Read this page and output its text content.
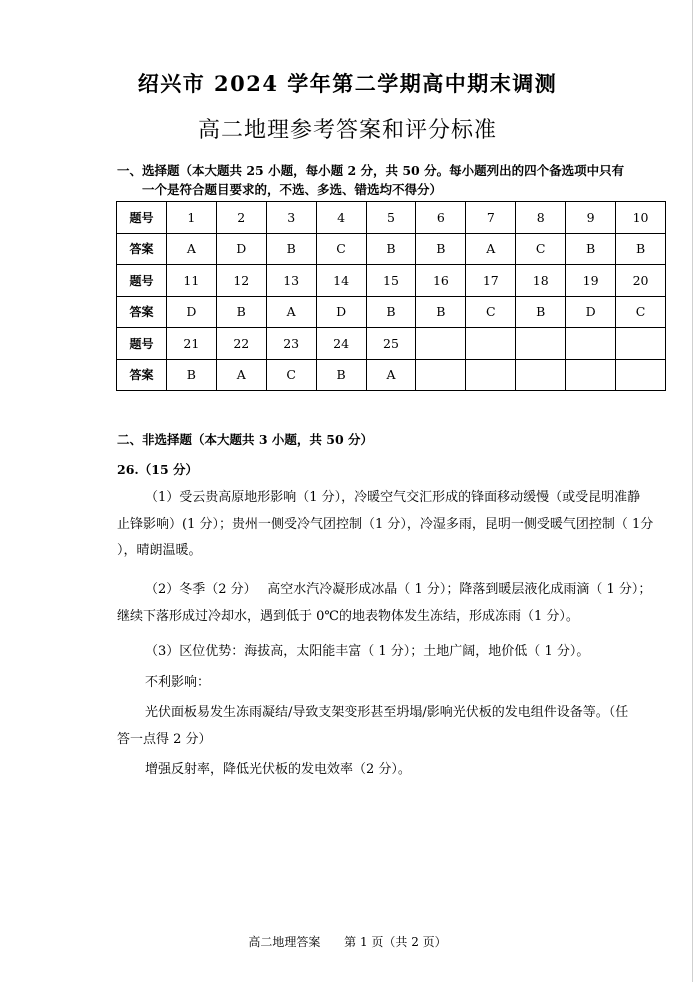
绍兴市 2024 学年第二学期高中期末调测
高二地理参考答案和评分标准
一、选择题（本大题共 25 小题，每小题 2 分，共 50 分。每小题列出的四个备选项中只有
一个是符合题目要求的，不选、多选、错选均不得分）
题号	1	2	3	4	5	6	7	8	9	10
答案	A	D	B	C	B	B	A	C	B	B
题号	11	12	13	14	15	16	17	18	19	20
答案	D	B	A	D	B	B	C	B	D	C
题号	21	22	23	24	25					
答案	B	A	C	B	A					
二、非选择题（本大题共 3 小题，共 50 分）
26.（15 分）

（1）受云贵高原地形影响（1 分），冷暖空气交汇形成的锋面移动缓慢（或受昆明准静

止锋影响）(1 分）；贵州一侧受冷气团控制（1 分），冷湿多雨，昆明一侧受暖气团控制（ 1分

），晴朗温暖。

（2）冬季（2 分）　 高空水汽冷凝形成冰晶（ 1 分）；降落到暖层液化成雨滴（ 1 分）；

继续下落形成过冷却水，遇到低于 0℃的地表物体发生冻结，形成冻雨（1 分）。

（3）区位优势：海拔高，太阳能丰富（ 1 分）；土地广阔，地价低（ 1 分）。

不利影响：

光伏面板易发生冻雨凝结/导致支架变形甚至坍塌/影响光伏板的发电组件设备等。（任

答一点得 2 分）

增强反射率，降低光伏板的发电效率（2 分）。

高二地理答案 第 1 页（共 2 页）
